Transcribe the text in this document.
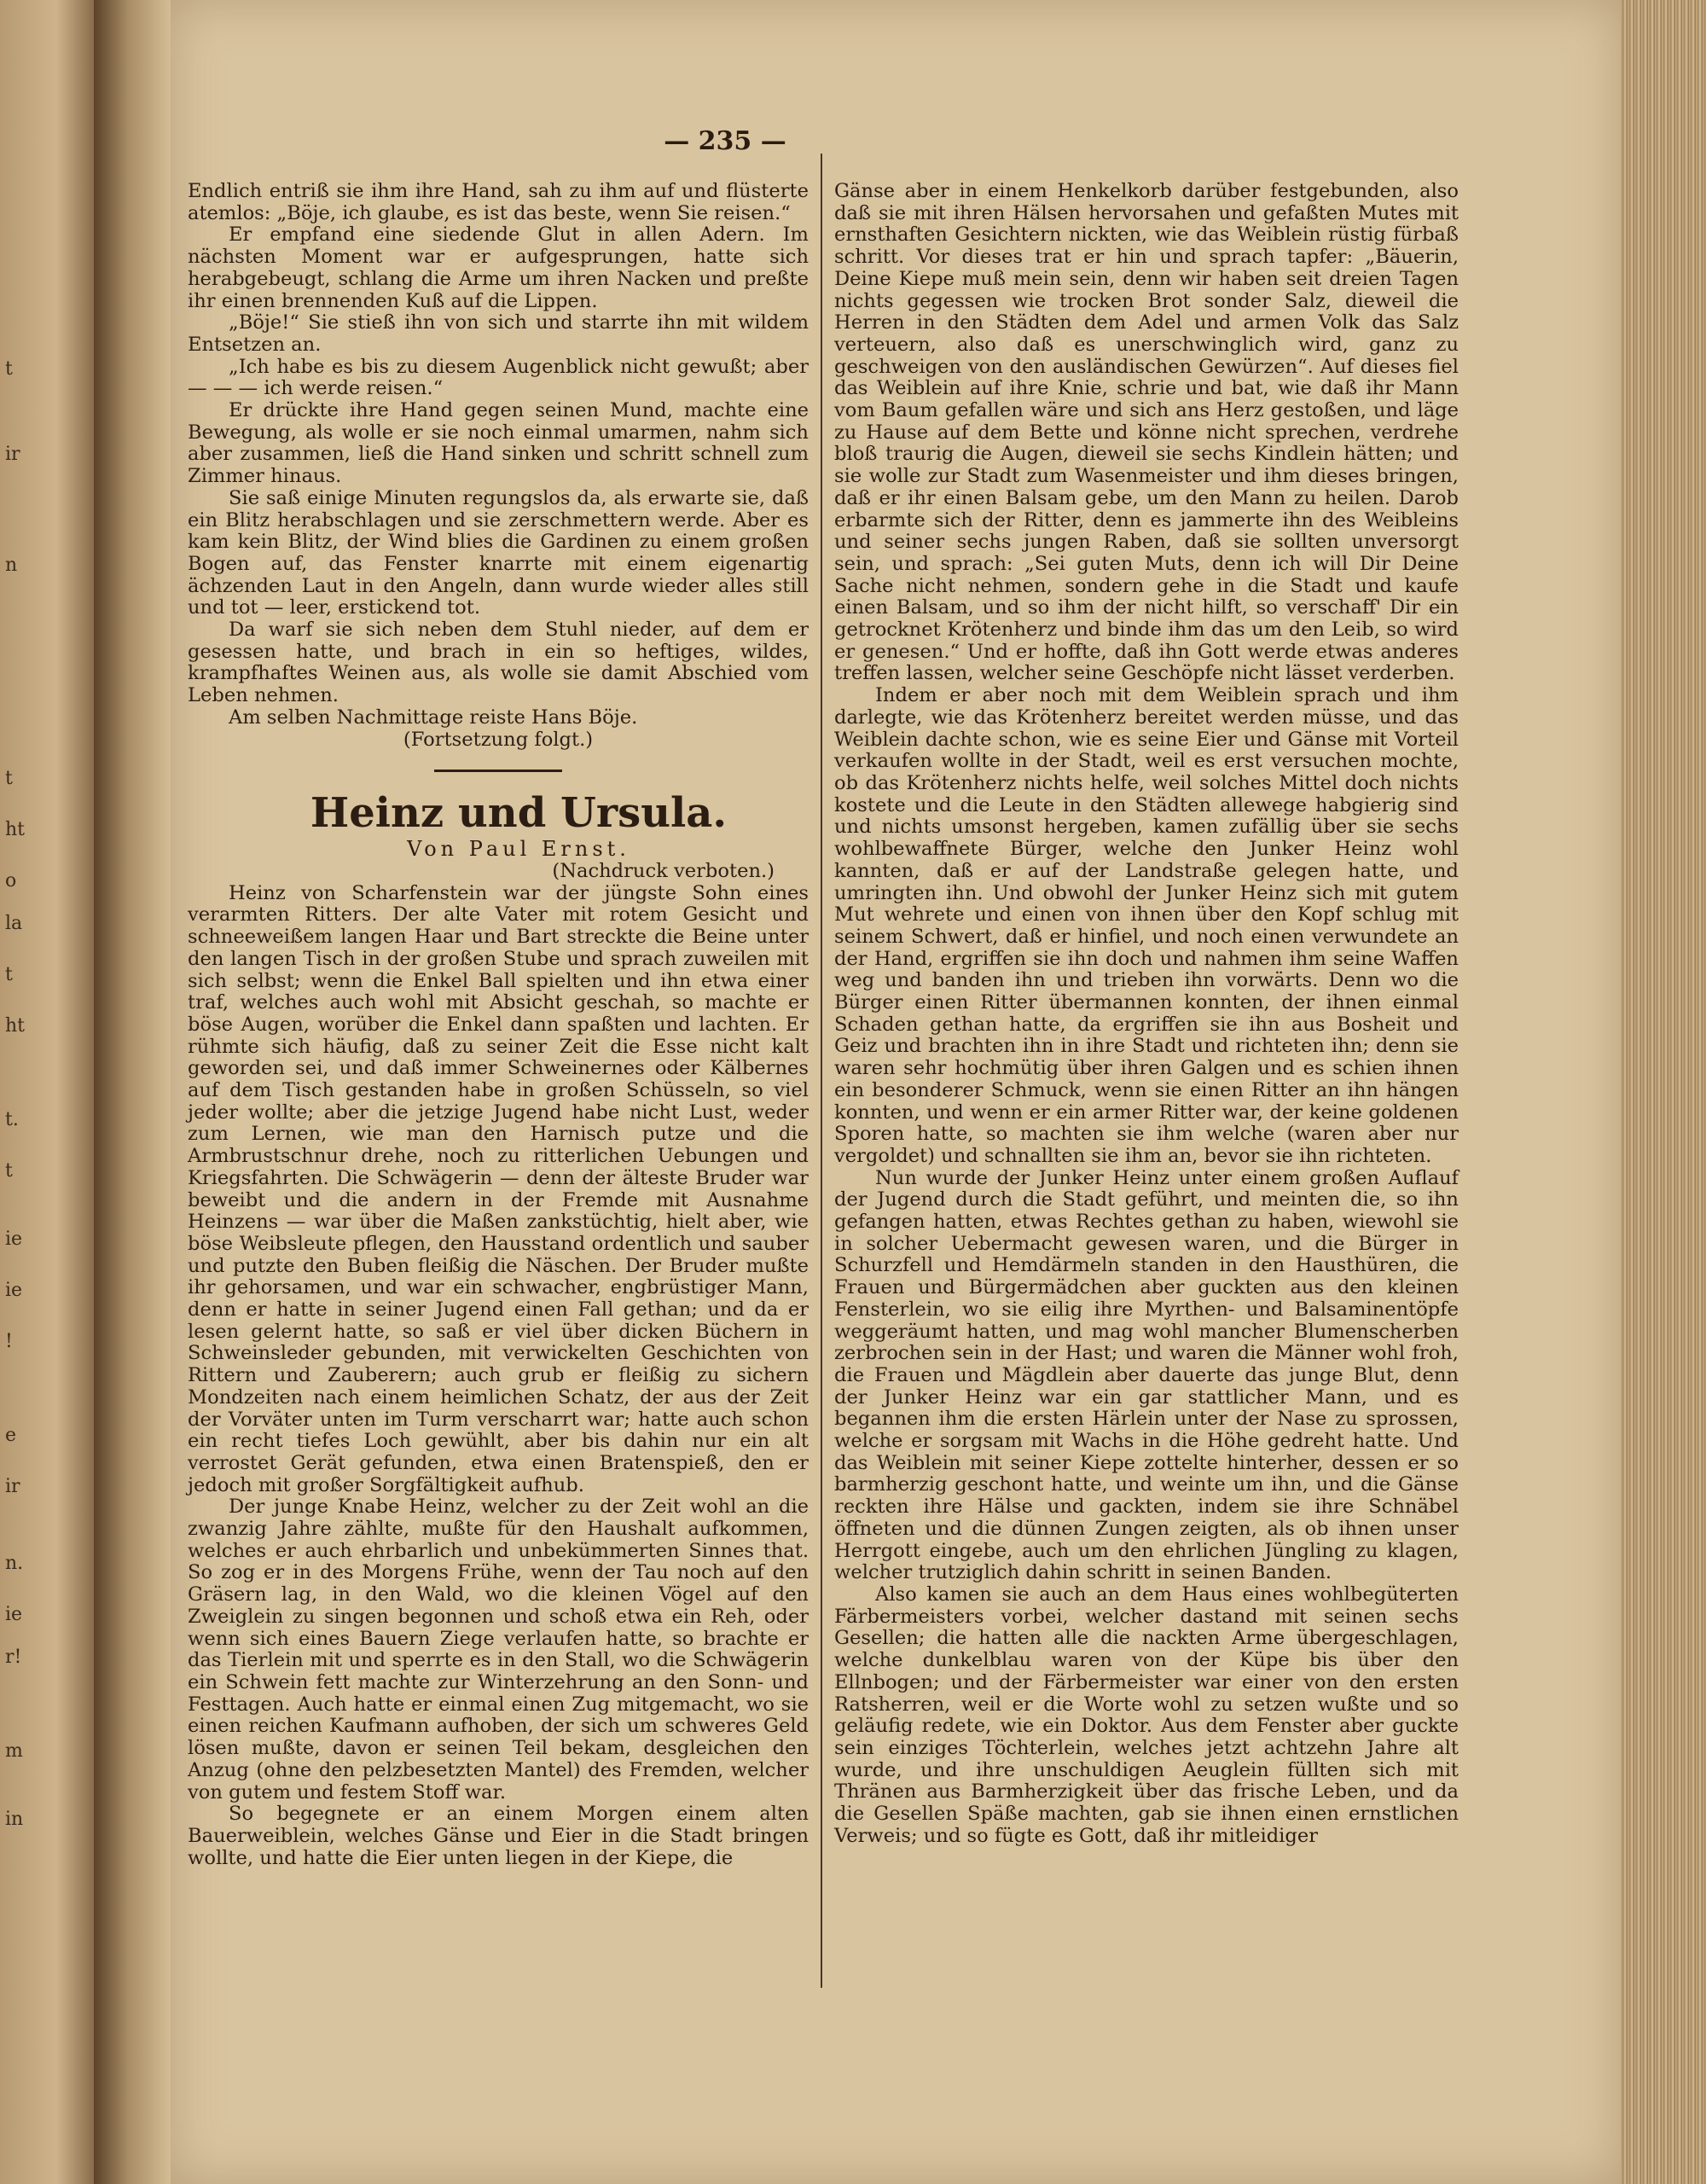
t
ir
n
t
ht
o
la
t
ht
t.
t
ie
ie
!
e
ir
n.
ie
r!
m
in
— 235 —

Endlich entriß sie ihm ihre Hand, sah zu ihm auf und flüsterte atemlos: „Böje, ich glaube, es ist das beste, wenn Sie reisen.“

Er empfand eine siedende Glut in allen Adern. Im nächsten Moment war er aufgesprungen, hatte sich herabgebeugt, schlang die Arme um ihren Nacken und preßte ihr einen brennenden Kuß auf die Lippen.

„Böje!“ Sie stieß ihn von sich und starrte ihn mit wildem Entsetzen an.

„Ich habe es bis zu diesem Augenblick nicht gewußt; aber — — — ich werde reisen.“

Er drückte ihre Hand gegen seinen Mund, machte eine Bewegung, als wolle er sie noch einmal umarmen, nahm sich aber zusammen, ließ die Hand sinken und schritt schnell zum Zimmer hinaus.

Sie saß einige Minuten regungslos da, als erwarte sie, daß ein Blitz herabschlagen und sie zerschmettern werde. Aber es kam kein Blitz, der Wind blies die Gardinen zu einem großen Bogen auf, das Fenster knarrte mit einem eigenartig ächzenden Laut in den Angeln, dann wurde wieder alles still und tot — leer, erstickend tot.

Da warf sie sich neben dem Stuhl nieder, auf dem er gesessen hatte, und brach in ein so heftiges, wildes, krampfhaftes Weinen aus, als wolle sie damit Abschied vom Leben nehmen.

Am selben Nachmittage reiste Hans Böje.

(Fortsetzung folgt.)

Heinz und Ursula.

Von Paul Ernst.

(Nachdruck verboten.)

Heinz von Scharfenstein war der jüngste Sohn eines verarmten Ritters. Der alte Vater mit rotem Gesicht und schneeweißem langen Haar und Bart streckte die Beine unter den langen Tisch in der großen Stube und sprach zuweilen mit sich selbst; wenn die Enkel Ball spielten und ihn etwa einer traf, welches auch wohl mit Absicht geschah, so machte er böse Augen, worüber die Enkel dann spaßten und lachten. Er rühmte sich häufig, daß zu seiner Zeit die Esse nicht kalt geworden sei, und daß immer Schweinernes oder Kälbernes auf dem Tisch gestanden habe in großen Schüsseln, so viel jeder wollte; aber die jetzige Jugend habe nicht Lust, weder zum Lernen, wie man den Harnisch putze und die Armbrustschnur drehe, noch zu ritterlichen Uebungen und Kriegsfahrten. Die Schwägerin — denn der älteste Bruder war beweibt und die andern in der Fremde mit Ausnahme Heinzens — war über die Maßen zankstüchtig, hielt aber, wie böse Weibsleute pflegen, den Hausstand ordentlich und sauber und putzte den Buben fleißig die Näschen. Der Bruder mußte ihr gehorsamen, und war ein schwacher, engbrüstiger Mann, denn er hatte in seiner Jugend einen Fall gethan; und da er lesen gelernt hatte, so saß er viel über dicken Büchern in Schweinsleder gebunden, mit verwickelten Geschichten von Rittern und Zauberern; auch grub er fleißig zu sichern Mondzeiten nach einem heimlichen Schatz, der aus der Zeit der Vorväter unten im Turm verscharrt war; hatte auch schon ein recht tiefes Loch gewühlt, aber bis dahin nur ein alt verrostet Gerät gefunden, etwa einen Bratenspieß, den er jedoch mit großer Sorgfältigkeit aufhub.

Der junge Knabe Heinz, welcher zu der Zeit wohl an die zwanzig Jahre zählte, mußte für den Haushalt aufkommen, welches er auch ehrbarlich und unbekümmerten Sinnes that. So zog er in des Morgens Frühe, wenn der Tau noch auf den Gräsern lag, in den Wald, wo die kleinen Vögel auf den Zweiglein zu singen begonnen und schoß etwa ein Reh, oder wenn sich eines Bauern Ziege verlaufen hatte, so brachte er das Tierlein mit und sperrte es in den Stall, wo die Schwägerin ein Schwein fett machte zur Winterzehrung an den Sonn- und Festtagen. Auch hatte er einmal einen Zug mitgemacht, wo sie einen reichen Kaufmann aufhoben, der sich um schweres Geld lösen mußte, davon er seinen Teil bekam, desgleichen den Anzug (ohne den pelzbesetzten Mantel) des Fremden, welcher von gutem und festem Stoff war.

So begegnete er an einem Morgen einem alten Bauerweiblein, welches Gänse und Eier in die Stadt bringen wollte, und hatte die Eier unten liegen in der Kiepe, die

Gänse aber in einem Henkelkorb darüber festgebunden, also daß sie mit ihren Hälsen hervorsahen und gefaßten Mutes mit ernsthaften Gesichtern nickten, wie das Weiblein rüstig fürbaß schritt. Vor dieses trat er hin und sprach tapfer: „Bäuerin, Deine Kiepe muß mein sein, denn wir haben seit dreien Tagen nichts gegessen wie trocken Brot sonder Salz, dieweil die Herren in den Städten dem Adel und armen Volk das Salz verteuern, also daß es unerschwinglich wird, ganz zu geschweigen von den ausländischen Gewürzen“. Auf dieses fiel das Weiblein auf ihre Knie, schrie und bat, wie daß ihr Mann vom Baum gefallen wäre und sich ans Herz gestoßen, und läge zu Hause auf dem Bette und könne nicht sprechen, verdrehe bloß traurig die Augen, dieweil sie sechs Kindlein hätten; und sie wolle zur Stadt zum Wasenmeister und ihm dieses bringen, daß er ihr einen Balsam gebe, um den Mann zu heilen. Darob erbarmte sich der Ritter, denn es jammerte ihn des Weibleins und seiner sechs jungen Raben, daß sie sollten unversorgt sein, und sprach: „Sei guten Muts, denn ich will Dir Deine Sache nicht nehmen, sondern gehe in die Stadt und kaufe einen Balsam, und so ihm der nicht hilft, so verschaff' Dir ein getrocknet Krötenherz und binde ihm das um den Leib, so wird er genesen.“ Und er hoffte, daß ihn Gott werde etwas anderes treffen lassen, welcher seine Geschöpfe nicht lässet verderben.

Indem er aber noch mit dem Weiblein sprach und ihm darlegte, wie das Krötenherz bereitet werden müsse, und das Weiblein dachte schon, wie es seine Eier und Gänse mit Vorteil verkaufen wollte in der Stadt, weil es erst versuchen mochte, ob das Krötenherz nichts helfe, weil solches Mittel doch nichts kostete und die Leute in den Städten allewege habgierig sind und nichts umsonst hergeben, kamen zufällig über sie sechs wohlbewaffnete Bürger, welche den Junker Heinz wohl kannten, daß er auf der Landstraße gelegen hatte, und umringten ihn. Und obwohl der Junker Heinz sich mit gutem Mut wehrete und einen von ihnen über den Kopf schlug mit seinem Schwert, daß er hinfiel, und noch einen verwundete an der Hand, ergriffen sie ihn doch und nahmen ihm seine Waffen weg und banden ihn und trieben ihn vorwärts. Denn wo die Bürger einen Ritter übermannen konnten, der ihnen einmal Schaden gethan hatte, da ergriffen sie ihn aus Bosheit und Geiz und brachten ihn in ihre Stadt und richteten ihn; denn sie waren sehr hochmütig über ihren Galgen und es schien ihnen ein besonderer Schmuck, wenn sie einen Ritter an ihn hängen konnten, und wenn er ein armer Ritter war, der keine goldenen Sporen hatte, so machten sie ihm welche (waren aber nur vergoldet) und schnallten sie ihm an, bevor sie ihn richteten.

Nun wurde der Junker Heinz unter einem großen Auflauf der Jugend durch die Stadt geführt, und meinten die, so ihn gefangen hatten, etwas Rechtes gethan zu haben, wiewohl sie in solcher Uebermacht gewesen waren, und die Bürger in Schurzfell und Hemdärmeln standen in den Hausthüren, die Frauen und Bürgermädchen aber guckten aus den kleinen Fensterlein, wo sie eilig ihre Myrthen- und Balsaminentöpfe weggeräumt hatten, und mag wohl mancher Blumenscherben zerbrochen sein in der Hast; und waren die Männer wohl froh, die Frauen und Mägdlein aber dauerte das junge Blut, denn der Junker Heinz war ein gar stattlicher Mann, und es begannen ihm die ersten Härlein unter der Nase zu sprossen, welche er sorgsam mit Wachs in die Höhe gedreht hatte. Und das Weiblein mit seiner Kiepe zottelte hinterher, dessen er so barmherzig geschont hatte, und weinte um ihn, und die Gänse reckten ihre Hälse und gackten, indem sie ihre Schnäbel öffneten und die dünnen Zungen zeigten, als ob ihnen unser Herrgott eingebe, auch um den ehrlichen Jüngling zu klagen, welcher trutziglich dahin schritt in seinen Banden.

Also kamen sie auch an dem Haus eines wohlbegüterten Färbermeisters vorbei, welcher dastand mit seinen sechs Gesellen; die hatten alle die nackten Arme übergeschlagen, welche dunkelblau waren von der Küpe bis über den Ellnbogen; und der Färbermeister war einer von den ersten Ratsherren, weil er die Worte wohl zu setzen wußte und so geläufig redete, wie ein Doktor. Aus dem Fenster aber guckte sein einziges Töchterlein, welches jetzt achtzehn Jahre alt wurde, und ihre unschuldigen Aeuglein füllten sich mit Thränen aus Barmherzigkeit über das frische Leben, und da die Gesellen Späße machten, gab sie ihnen einen ernstlichen Verweis; und so fügte es Gott, daß ihr mitleidiger
